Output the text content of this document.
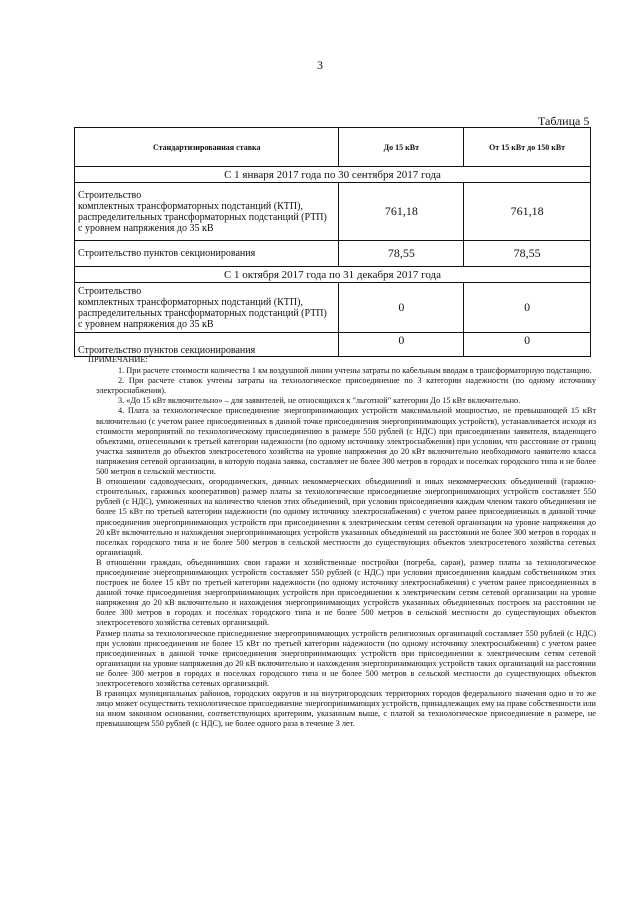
3
Таблица 5
Стандартизированная ставка	До 15 кВт	От 15 кВт до 150 кВт
С 1 января 2017 года по 30 сентября 2017 года		
Строительство
комплектных трансформаторных подстанций (КТП),
распределительных трансформаторных подстанций (РТП)
с уровнем напряжения до 35 кВ	761,18	761,18
Строительство пунктов секционирования	78,55	78,55
С 1 октября 2017 года по 31 декабря 2017 года		
Строительство
комплектных трансформаторных подстанций (КТП),
распределительных трансформаторных подстанций (РТП)
с уровнем напряжения до 35 кВ	0	0
Строительство пунктов секционирования	0	0

ПРИМЕЧАНИЕ:

1. При расчете стоимости количества 1 км воздушной линии учтены затраты по кабельным вводам в трансформаторную подстанцию.

2. При расчете ставок учтены затраты на технологическое присоединение по 3 категории надежности (по одному источнику электроснабжения).

3. «До 15 кВт включительно» – для заявителей, не относящихся к "льготной" категории До 15 кВт включительно.

4. Плата за технологическое присоединение энергопринимающих устройств максимальной мощностью, не превышающей 15 кВт включительно (с учетом ранее присоединенных в данной точке присоединения энергопринимающих устройств), устанавливается исходя из стоимости мероприятий по технологическому присоединению в размере 550 рублей (с НДС) при присоединении заявителя, владеющего объектами, отнесенными к третьей категории надежности (по одному источнику электроснабжения) при условии, что расстояние от границ участка заявителя до объектов электросетевого хозяйства на уровне напряжения до 20 кВт включительно необходимого заявителю класса напряжения сетевой организации, в которую подана заявка, составляет не более 300 метров в городах и поселках городского типа и не более 500 метров в сельской местности.

В отношении садоводческих, огороднических, дачных некоммерческих объединений и иных некоммерческих объединений (гаражно-строительных, гаражных кооперативов) размер платы за технологическое присоединение энергопринимающих устройств составляет 550 рублей (с НДС), умноженных на количество членов этих объединений, при условии присоединения каждым членом такого объединения не более 15 кВт по третьей категории надежности (по одному источнику электроснабжения) с учетом ранее присоединенных в данной точке присоединения энергопринимающих устройств при присоединении к электрическим сетям сетевой организации на уровне напряжения до 20 кВт включительно и нахождения энергопринимающих устройств указанных объединений на расстоянии не более 300 метров в городах и поселках городского типа и не более 500 метров в сельской местности до существующих объектов электросетевого хозяйства сетевых организаций.

В отношении граждан, объединивших свои гаражи и хозяйственные постройки (погреба, сараи), размер платы за технологическое присоединение энергопринимающих устройств составляет 550 рублей (с НДС) при условии присоединения каждым собственником этих построек не более 15 кВт по третьей категории надежности (по одному источнику электроснабжения) с учетом ранее присоединенных в данной точке присоединения энергопринимающих устройств при присоединении к электрическим сетям сетевой организации на уровне напряжения до 20 кВ включительно и нахождения энергопринимающих устройств указанных объединенных построек на расстоянии не более 300 метров в городах и поселках городского типа и не более 500 метров в сельской местности до существующих объектов электросетевого хозяйства сетевых организаций.

Размер платы за технологическое присоединение энергопринимающих устройств религиозных организаций составляет 550 рублей (с НДС) при условии присоединения не более 15 кВт по третьей категории надежности (по одному источнику электроснабжения) с учетом ранее присоединенных в данной точке присоединения энергопринимающих устройств при присоединении к электрическим сетям сетевой организации на уровне напряжения до 20 кВ включительно и нахождения энергопринимающих устройств таких организаций на расстоянии не более 300 метров в городах и поселках городского типа и не более 500 метров в сельской местности до существующих объектов электросетевого хозяйства сетевых организаций.

В границах муниципальных районов, городских округов и на внутригородских территориях городов федерального значения одно и то же лицо может осуществить технологическое присоединение энергопринимающих устройств, принадлежащих ему на праве собственности или на ином законном основании, соответствующих критериям, указанным выше, с платой за технологическое присоединение в размере, не превышающем 550 рублей (с НДС), не более одного раза в течение 3 лет.
